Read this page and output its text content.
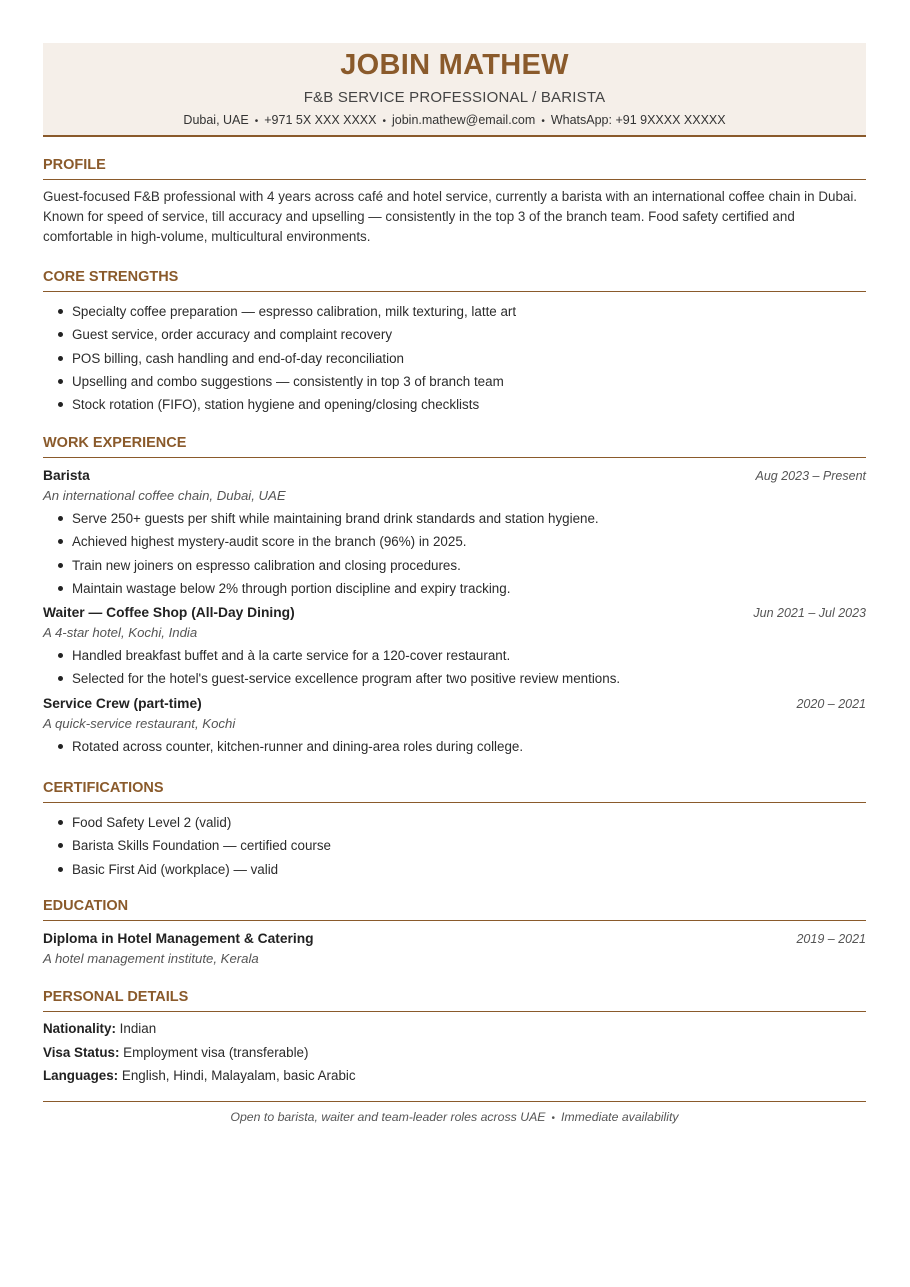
JOBIN MATHEW
F&B SERVICE PROFESSIONAL / BARISTA
Dubai, UAE • +971 5X XXX XXXX • jobin.mathew@email.com • WhatsApp: +91 9XXXX XXXXX
PROFILE
Guest-focused F&B professional with 4 years across café and hotel service, currently a barista with an international coffee chain in Dubai. Known for speed of service, till accuracy and upselling — consistently in the top 3 of the branch team. Food safety certified and comfortable in high-volume, multicultural environments.
CORE STRENGTHS
Specialty coffee preparation — espresso calibration, milk texturing, latte art
Guest service, order accuracy and complaint recovery
POS billing, cash handling and end-of-day reconciliation
Upselling and combo suggestions — consistently in top 3 of branch team
Stock rotation (FIFO), station hygiene and opening/closing checklists
WORK EXPERIENCE
Barista	Aug 2023 – Present
An international coffee chain, Dubai, UAE
Serve 250+ guests per shift while maintaining brand drink standards and station hygiene.
Achieved highest mystery-audit score in the branch (96%) in 2025.
Train new joiners on espresso calibration and closing procedures.
Maintain wastage below 2% through portion discipline and expiry tracking.
Waiter — Coffee Shop (All-Day Dining)	Jun 2021 – Jul 2023
A 4-star hotel, Kochi, India
Handled breakfast buffet and à la carte service for a 120-cover restaurant.
Selected for the hotel's guest-service excellence program after two positive review mentions.
Service Crew (part-time)	2020 – 2021
A quick-service restaurant, Kochi
Rotated across counter, kitchen-runner and dining-area roles during college.
CERTIFICATIONS
Food Safety Level 2 (valid)
Barista Skills Foundation — certified course
Basic First Aid (workplace) — valid
EDUCATION
Diploma in Hotel Management & Catering	2019 – 2021
A hotel management institute, Kerala
PERSONAL DETAILS
Nationality: Indian
Visa Status: Employment visa (transferable)
Languages: English, Hindi, Malayalam, basic Arabic
Open to barista, waiter and team-leader roles across UAE • Immediate availability
